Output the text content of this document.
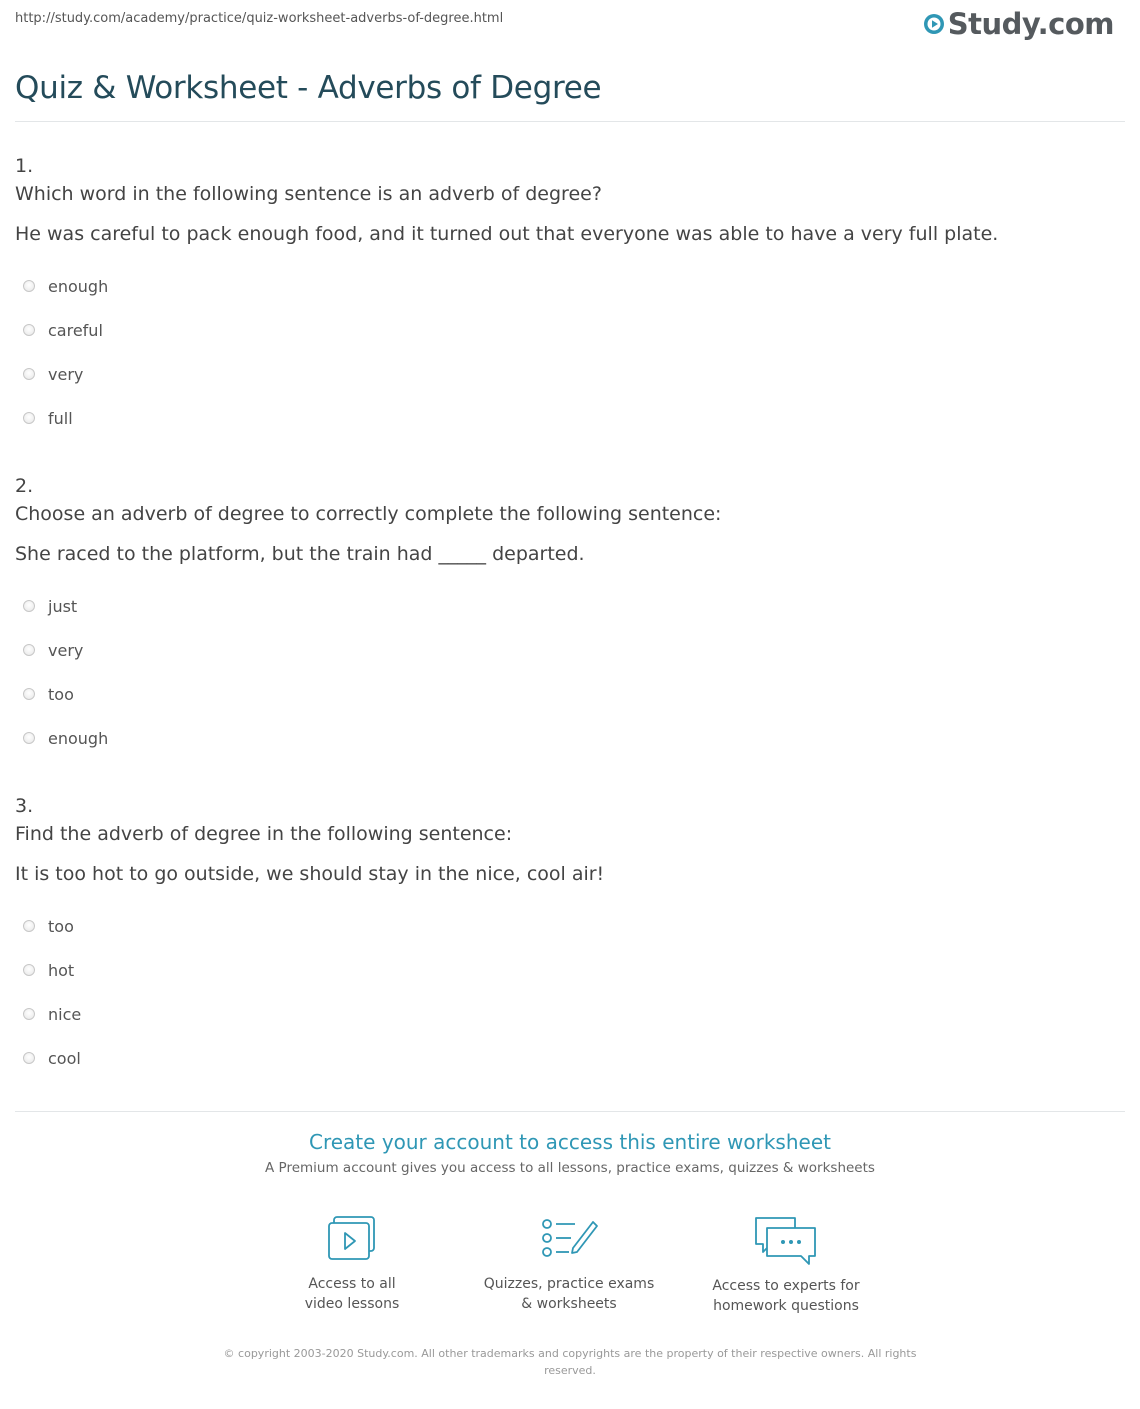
http://study.com/academy/practice/quiz-worksheet-adverbs-of-degree.html	Study.com
Quiz & Worksheet - Adverbs of Degree
1.
Which word in the following sentence is an adverb of degree?
He was careful to pack enough food, and it turned out that everyone was able to have a very full plate.
enough
careful
very
full
2.
Choose an adverb of degree to correctly complete the following sentence:
She raced to the platform, but the train had _____ departed.
just
very
too
enough
3.
Find the adverb of degree in the following sentence:
It is too hot to go outside, we should stay in the nice, cool air!
too
hot
nice
cool
Create your account to access this entire worksheet
A Premium account gives you access to all lessons, practice exams, quizzes & worksheets
Access to all
video lessons
Quizzes, practice exams
& worksheets
Access to experts for
homework questions
© copyright 2003-2020 Study.com. All other trademarks and copyrights are the property of their respective owners. All rights
reserved.
